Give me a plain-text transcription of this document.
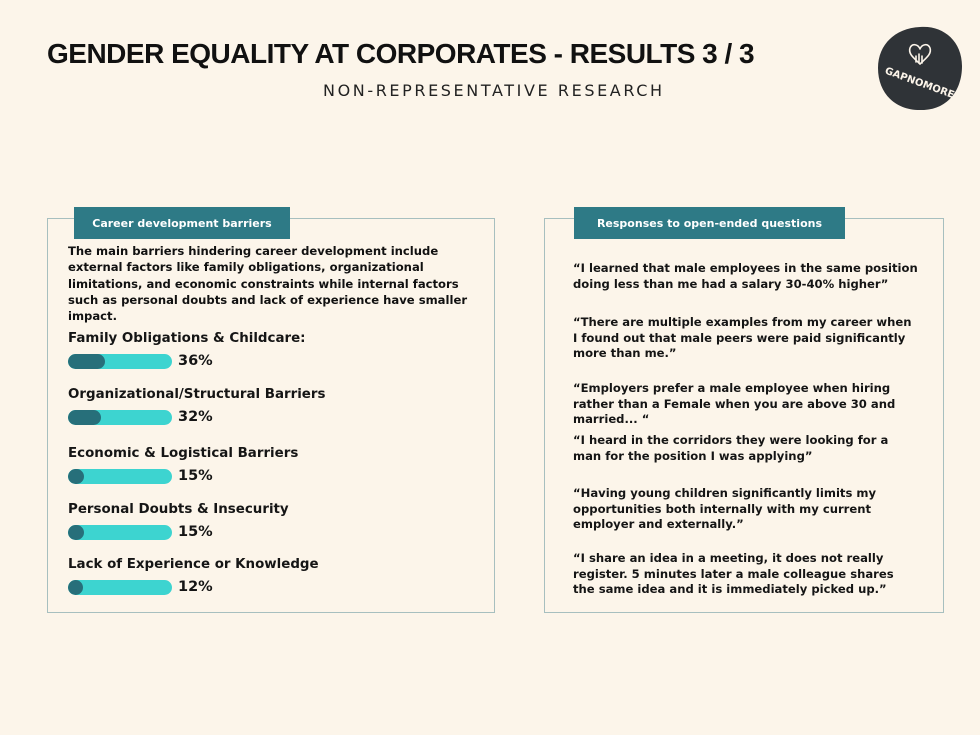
GENDER EQUALITY AT CORPORATES - RESULTS 3 / 3
NON-REPRESENTATIVE RESEARCH	GAPNOMORE
Career development barriers

The main barriers hindering career development include external factors like family obligations, organizational limitations, and economic constraints while internal factors such as personal doubts and lack of experience have smaller impact.

Family Obligations & Childcare:
36%
Organizational/Structural Barriers
32%
Economic & Logistical Barriers
15%
Personal Doubts & Insecurity
15%
Lack of Experience or Knowledge
12%
Responses to open-ended questions

“I learned that male employees in the same position doing less than me had a salary 30-40% higher”

“There are multiple examples from my career when I found out that male peers were paid significantly more than me.”

“Employers prefer a male employee when hiring rather than a Female when you are above 30 and married... “

“I heard in the corridors they were looking for a man for the position I was applying”

“Having young children significantly limits my opportunities both internally with my current employer and externally.”

“I share an idea in a meeting, it does not really register. 5 minutes later a male colleague shares the same idea and it is immediately picked up.”
